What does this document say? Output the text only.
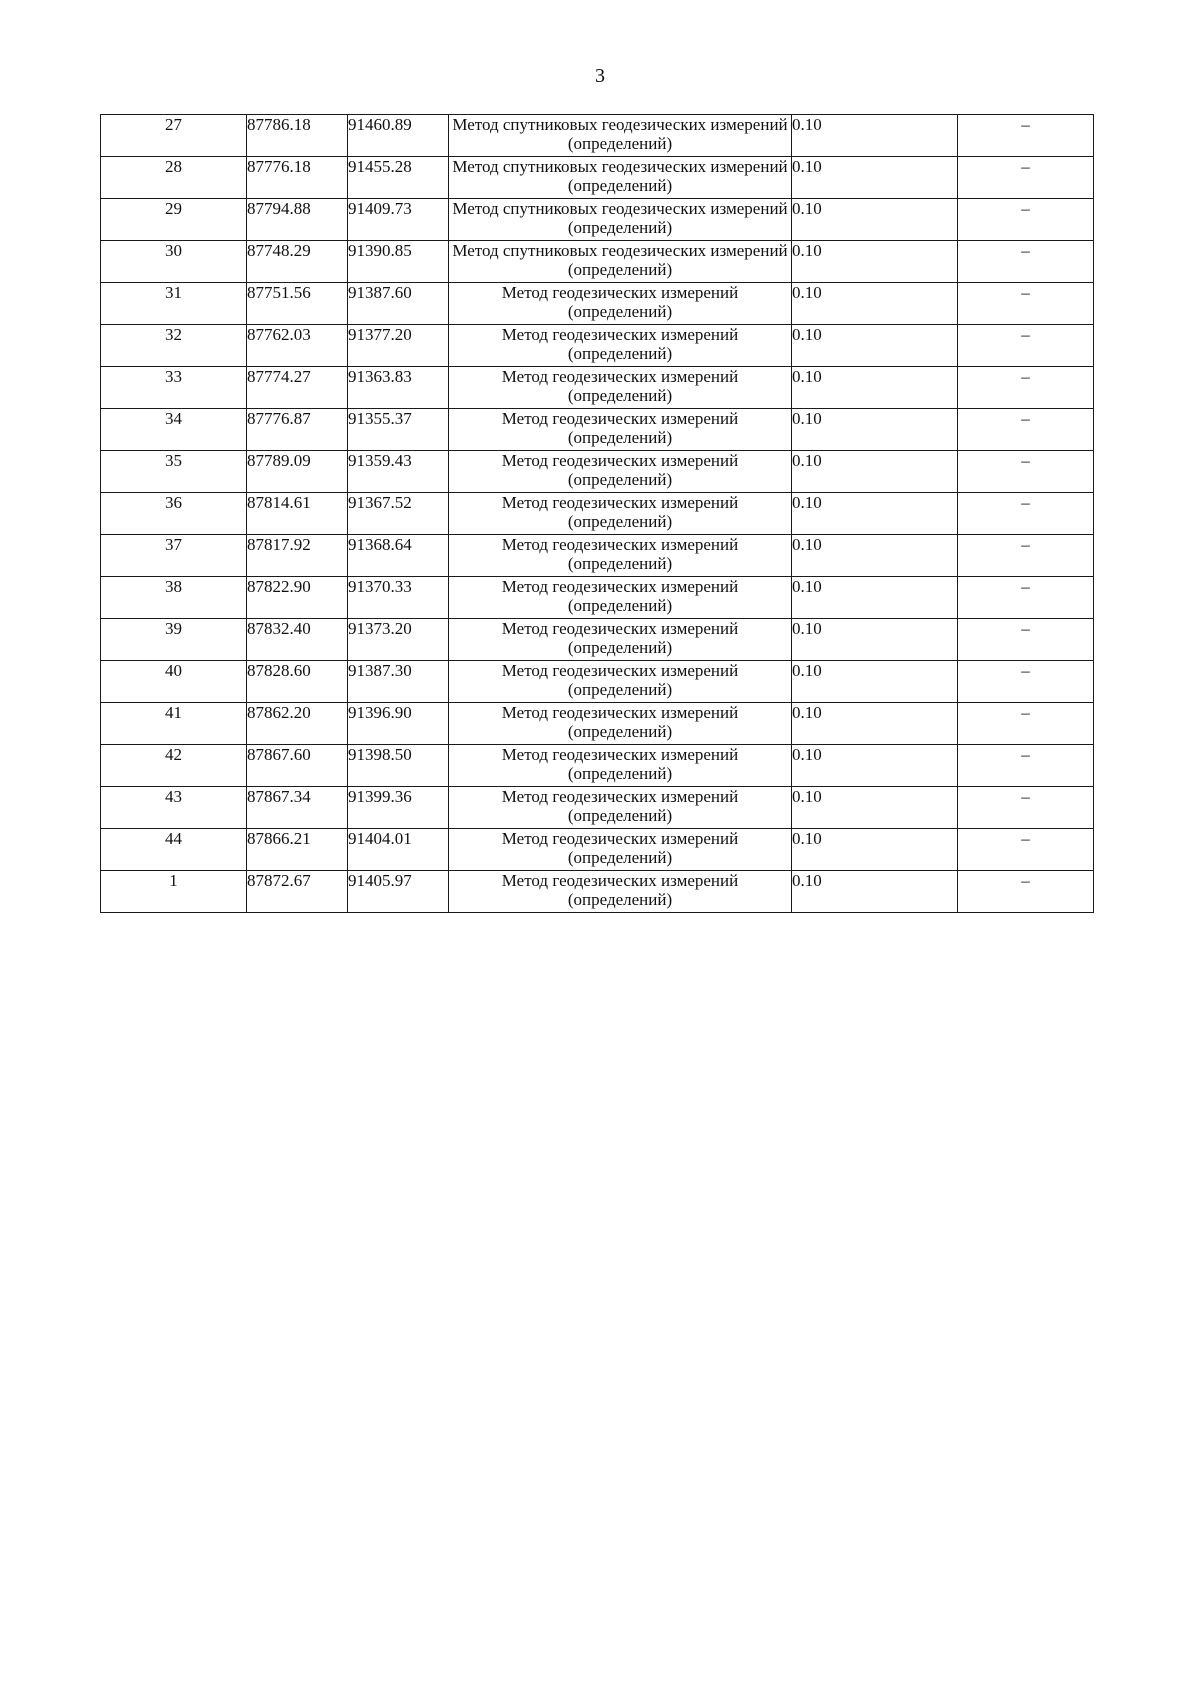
3
27	87786.18	91460.89	Метод спутниковых геодезических измерений (определений)	0.10	–
28	87776.18	91455.28	Метод спутниковых геодезических измерений (определений)	0.10	–
29	87794.88	91409.73	Метод спутниковых геодезических измерений (определений)	0.10	–
30	87748.29	91390.85	Метод спутниковых геодезических измерений (определений)	0.10	–
31	87751.56	91387.60	Метод геодезических измерений (определений)	0.10	–
32	87762.03	91377.20	Метод геодезических измерений (определений)	0.10	–
33	87774.27	91363.83	Метод геодезических измерений (определений)	0.10	–
34	87776.87	91355.37	Метод геодезических измерений (определений)	0.10	–
35	87789.09	91359.43	Метод геодезических измерений (определений)	0.10	–
36	87814.61	91367.52	Метод геодезических измерений (определений)	0.10	–
37	87817.92	91368.64	Метод геодезических измерений (определений)	0.10	–
38	87822.90	91370.33	Метод геодезических измерений (определений)	0.10	–
39	87832.40	91373.20	Метод геодезических измерений (определений)	0.10	–
40	87828.60	91387.30	Метод геодезических измерений (определений)	0.10	–
41	87862.20	91396.90	Метод геодезических измерений (определений)	0.10	–
42	87867.60	91398.50	Метод геодезических измерений (определений)	0.10	–
43	87867.34	91399.36	Метод геодезических измерений (определений)	0.10	–
44	87866.21	91404.01	Метод геодезических измерений (определений)	0.10	–
1	87872.67	91405.97	Метод геодезических измерений (определений)	0.10	–
